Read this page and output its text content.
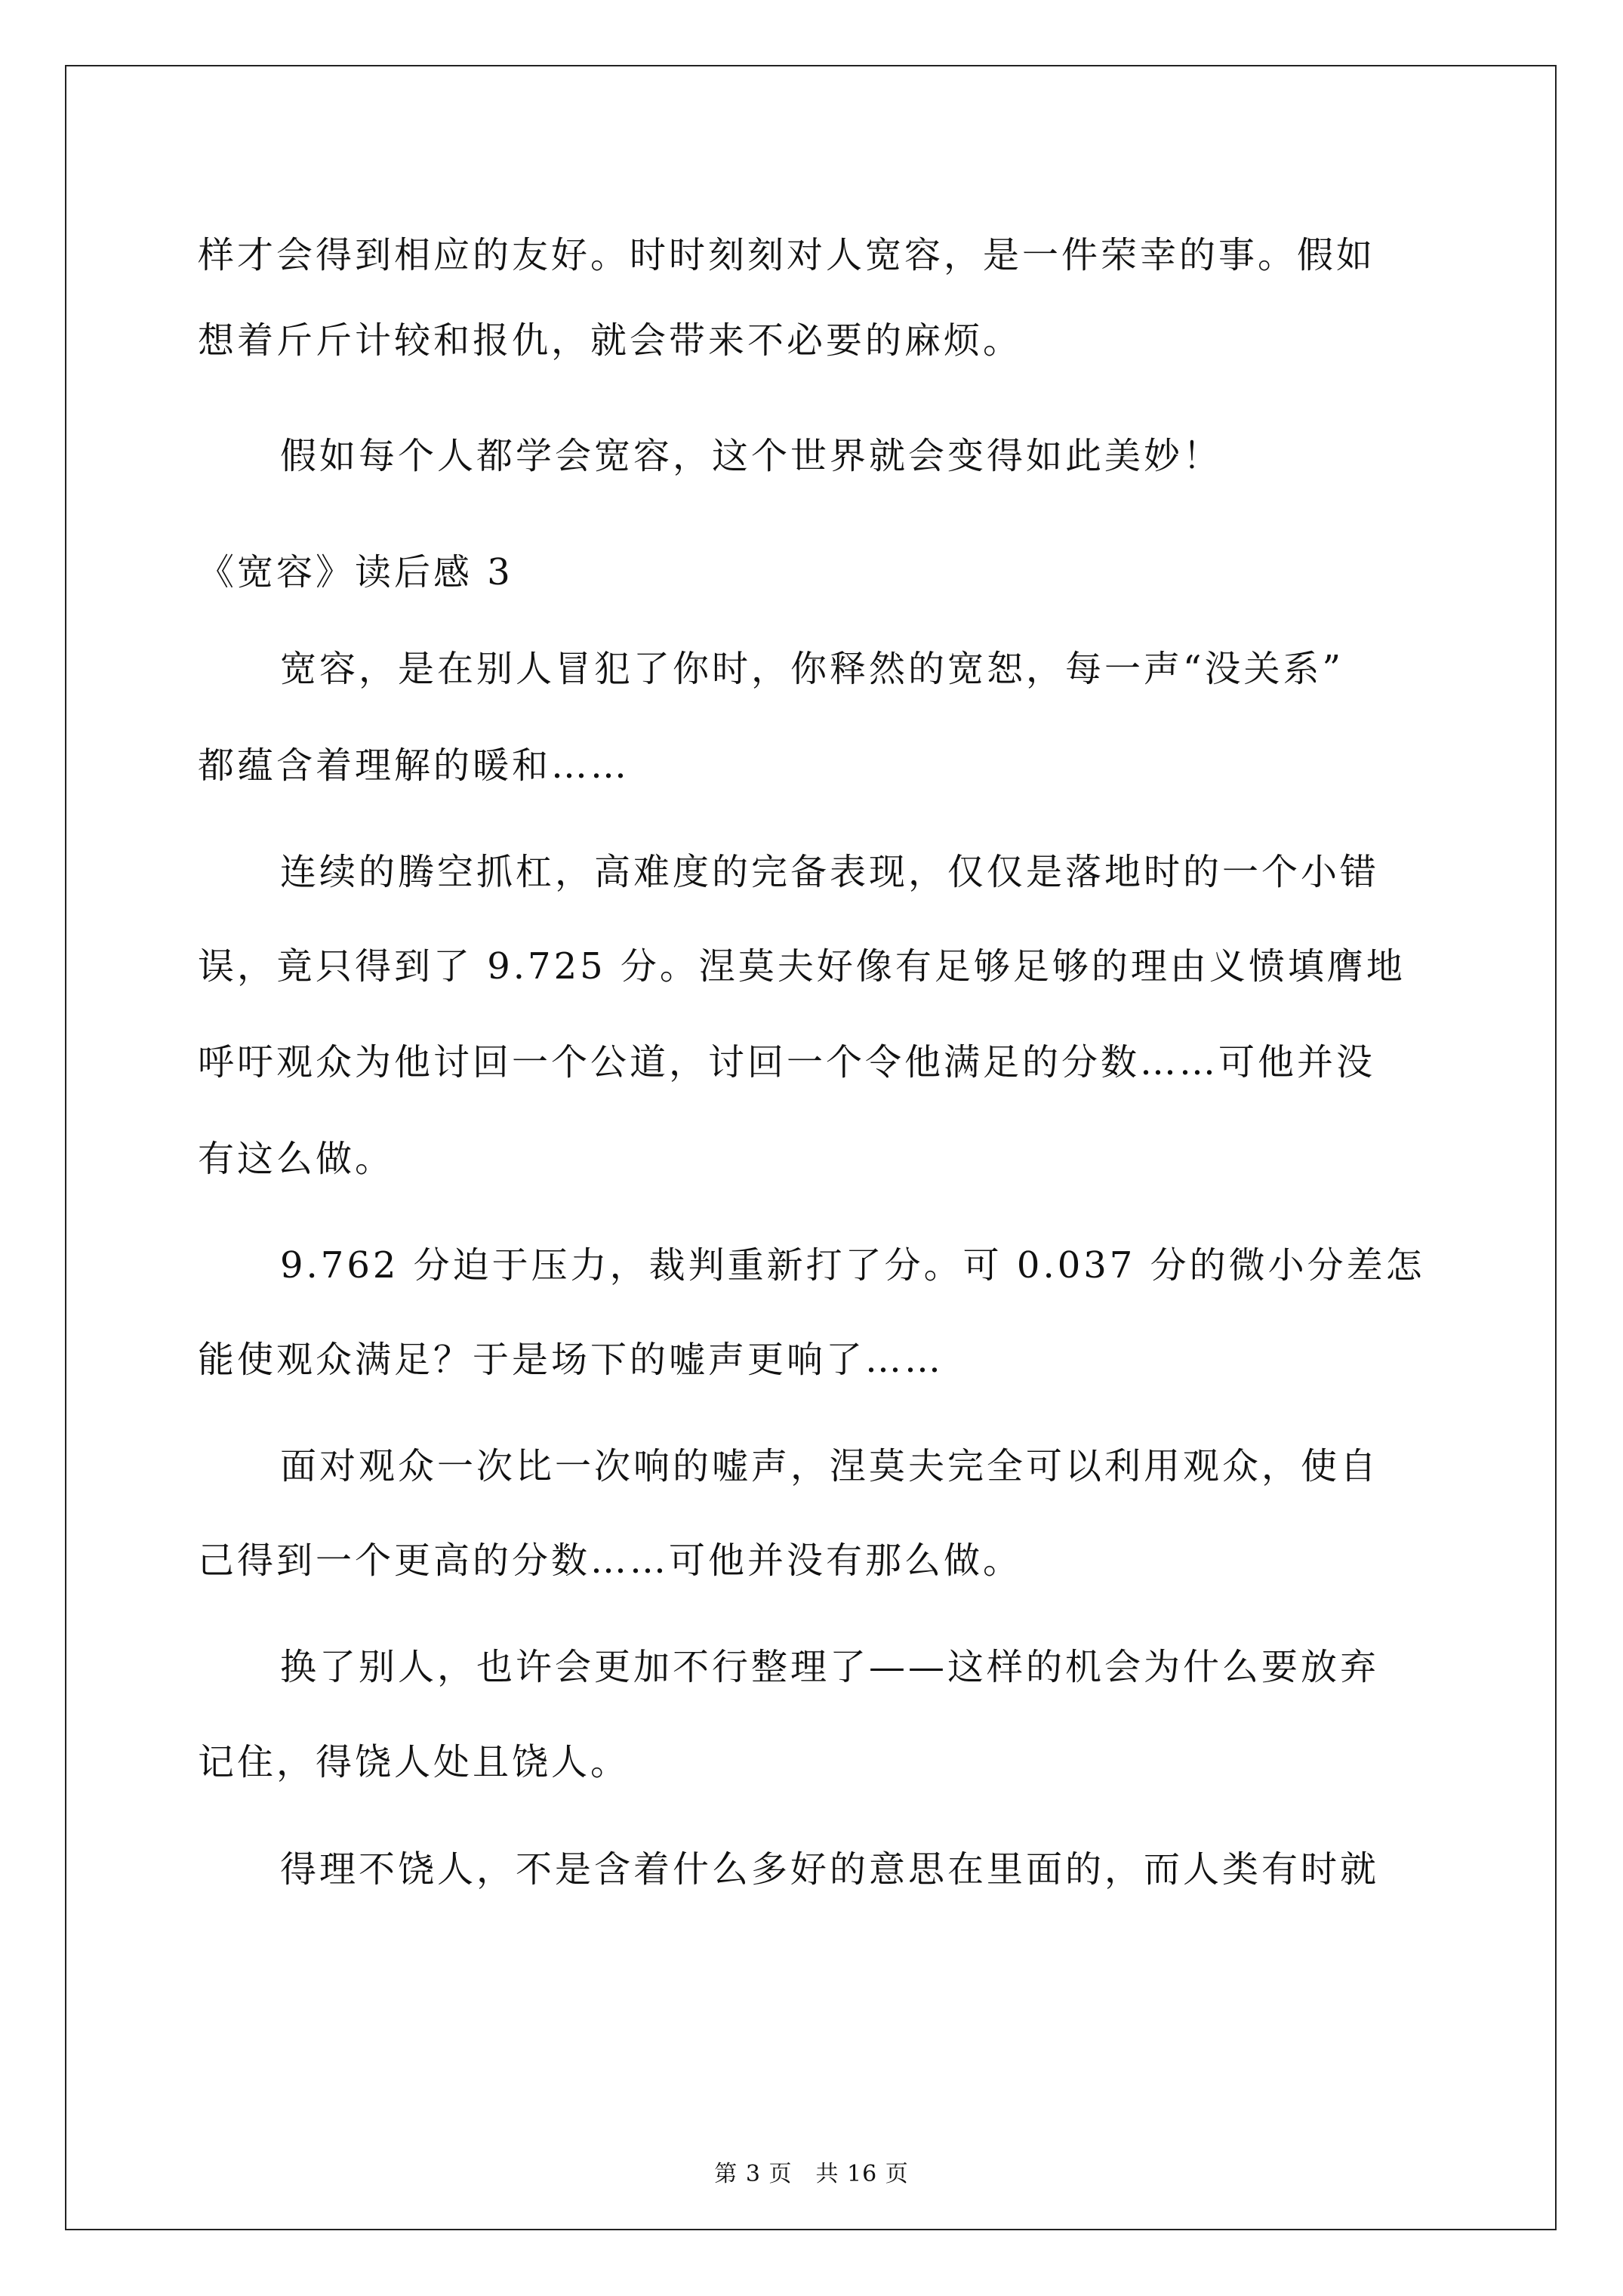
样才会得到相应的友好。时时刻刻对人宽容，是一件荣幸的事。假如
想着斤斤计较和报仇，就会带来不必要的麻烦。
假如每个人都学会宽容，这个世界就会变得如此美妙！
《宽容》读后感 3
宽容，是在别人冒犯了你时，你释然的宽恕，每一声“没关系”
都蕴含着理解的暖和……
连续的腾空抓杠，高难度的完备表现，仅仅是落地时的一个小错
误，竟只得到了 9.725 分。涅莫夫好像有足够足够的理由义愤填膺地
呼吁观众为他讨回一个公道，讨回一个令他满足的分数……可他并没
有这么做。
9.762 分迫于压力，裁判重新打了分。可 0.037 分的微小分差怎
能使观众满足？于是场下的嘘声更响了……
面对观众一次比一次响的嘘声，涅莫夫完全可以利用观众，使自
己得到一个更高的分数……可他并没有那么做。
换了别人，也许会更加不行整理了——这样的机会为什么要放弃
记住，得饶人处且饶人。
得理不饶人，不是含着什么多好的意思在里面的，而人类有时就
第 3 页　共 16 页
